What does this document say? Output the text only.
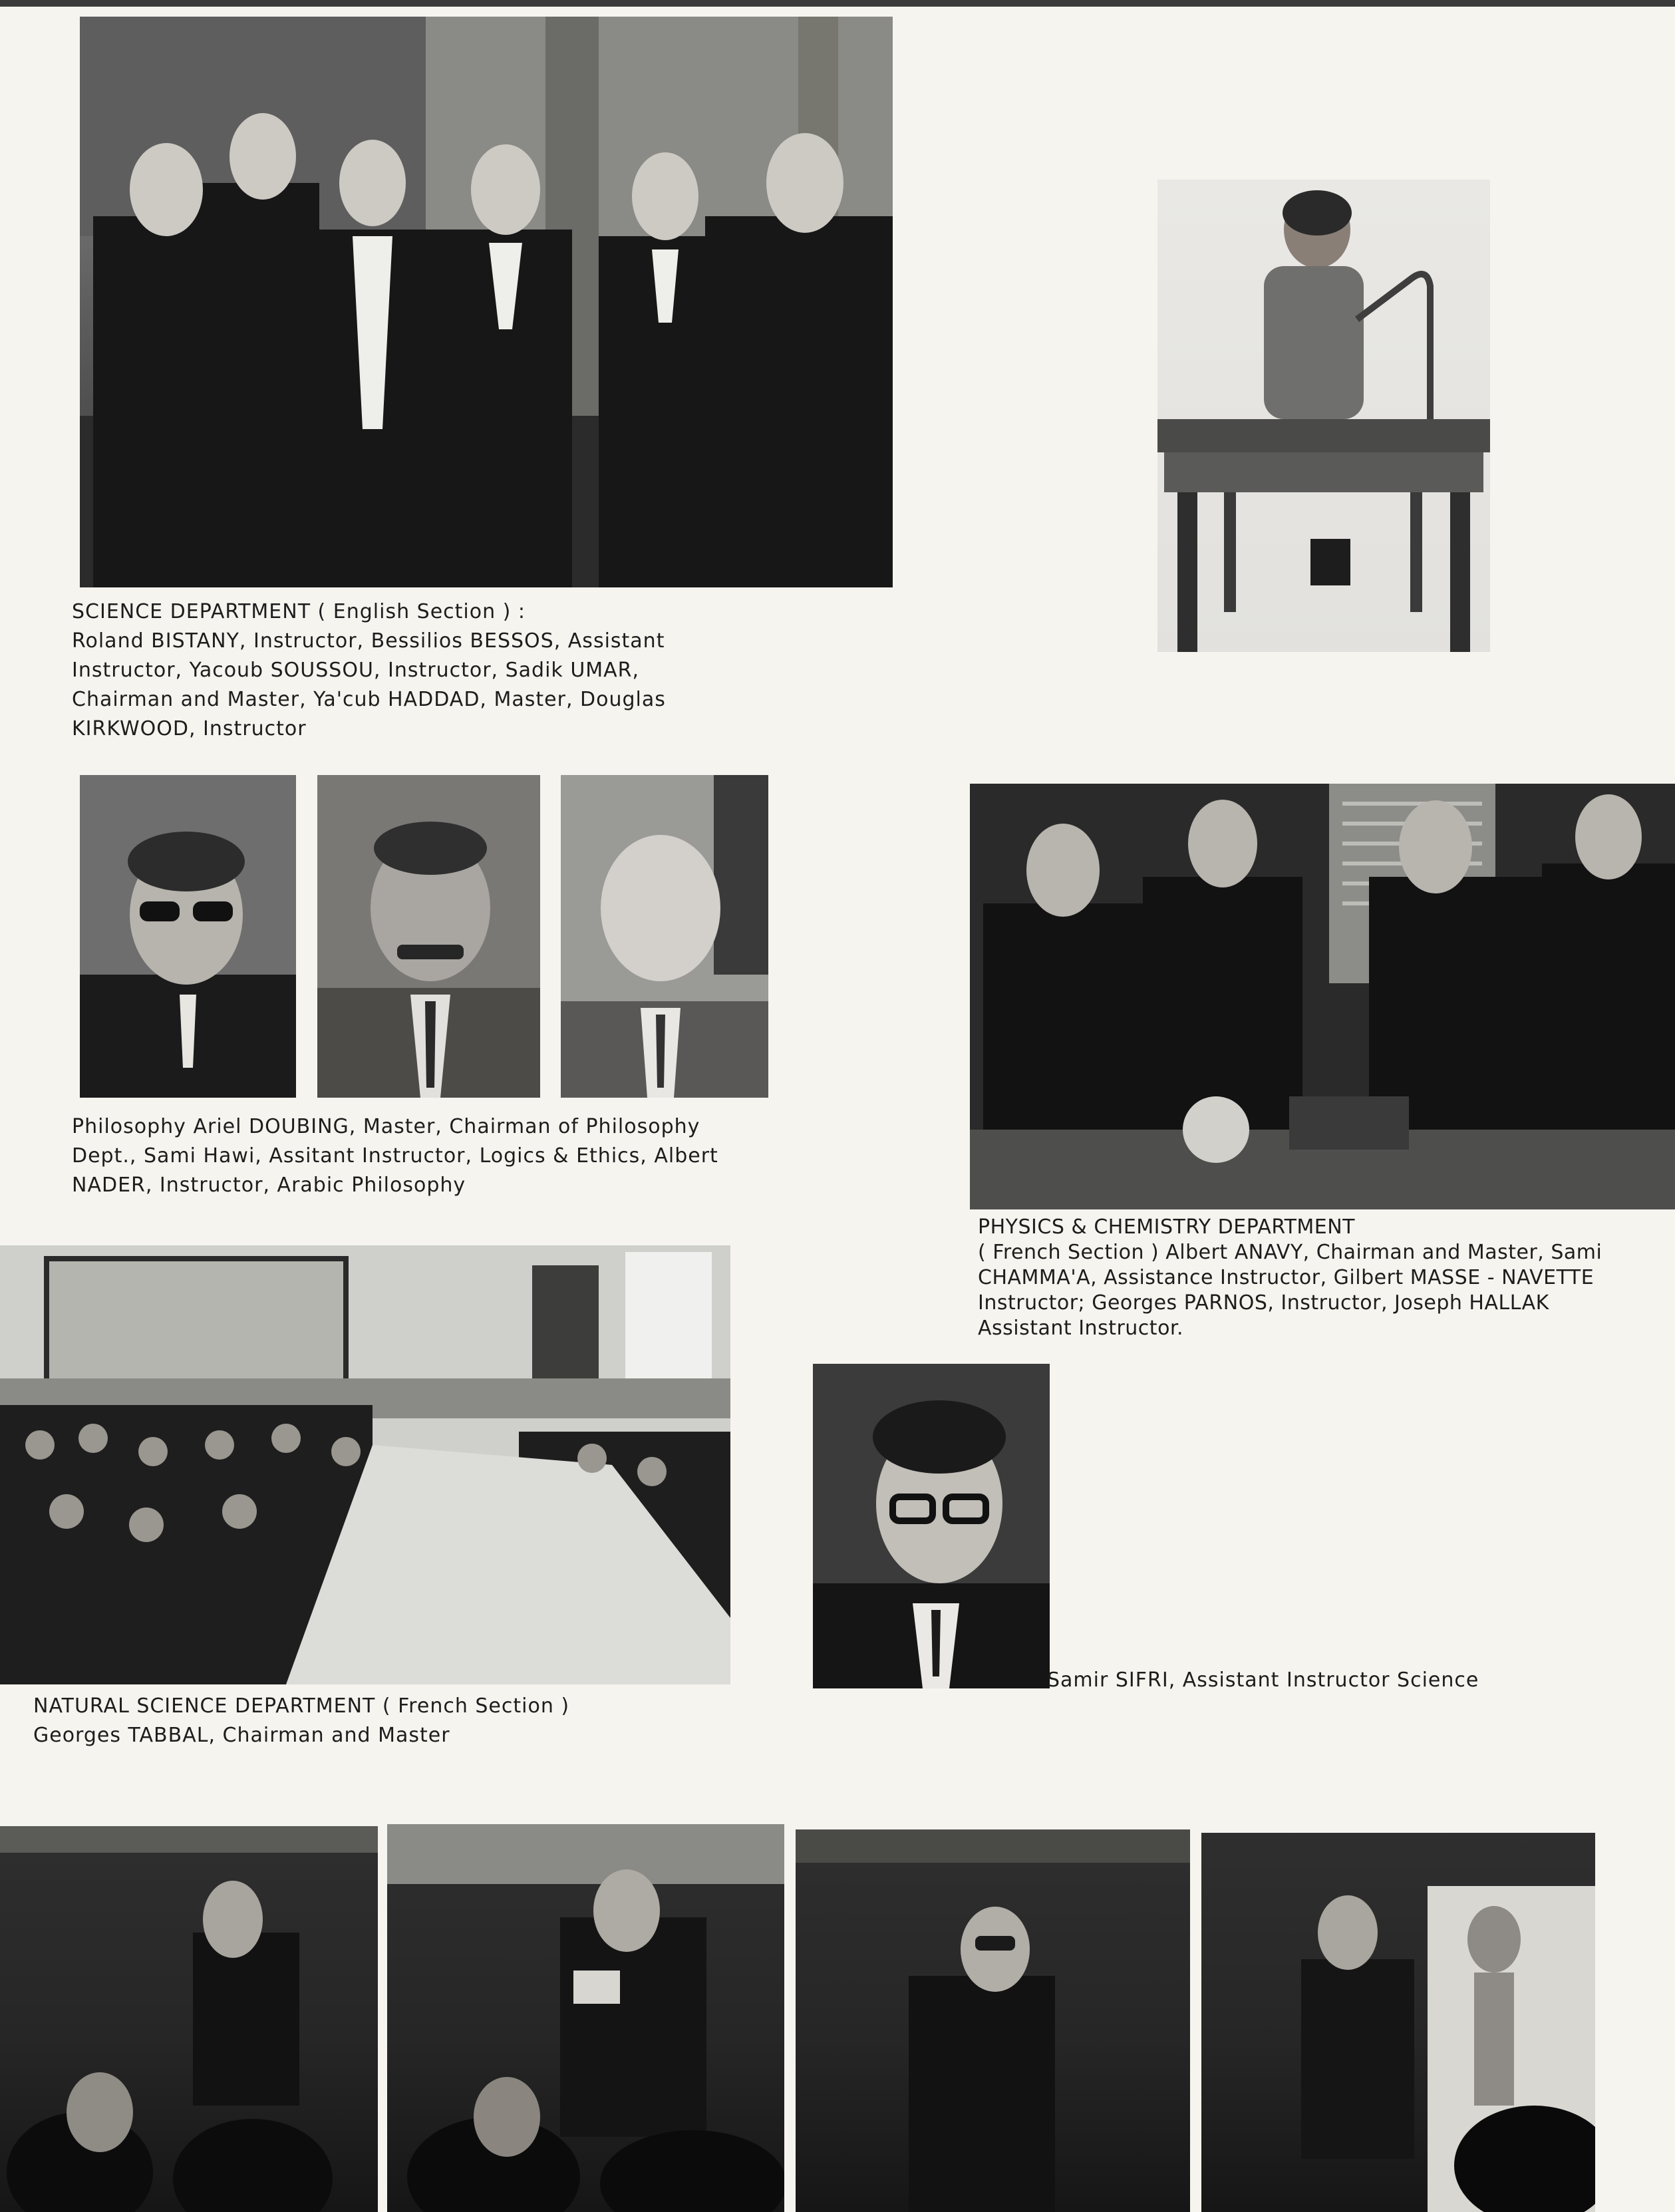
SCIENCE DEPARTMENT ( English Section ) :
Roland BISTANY, Instructor, Bessilios BESSOS, Assistant
Instructor, Yacoub SOUSSOU, Instructor, Sadik UMAR,
Chairman and Master, Ya'cub HADDAD, Master, Douglas
KIRKWOOD, Instructor

Philosophy Ariel DOUBING, Master, Chairman of Philosophy
Dept., Sami Hawi, Assitant Instructor, Logics & Ethics, Albert
NADER, Instructor, Arabic Philosophy

PHYSICS & CHEMISTRY DEPARTMENT
( French Section ) Albert ANAVY, Chairman and Master, Sami
CHAMMA'A, Assistance Instructor, Gilbert MASSE - NAVETTE
Instructor; Georges PARNOS, Instructor, Joseph HALLAK
Assistant Instructor.

NATURAL SCIENCE DEPARTMENT ( French Section )
Georges TABBAL, Chairman and Master

Samir SIFRI, Assistant Instructor Science
